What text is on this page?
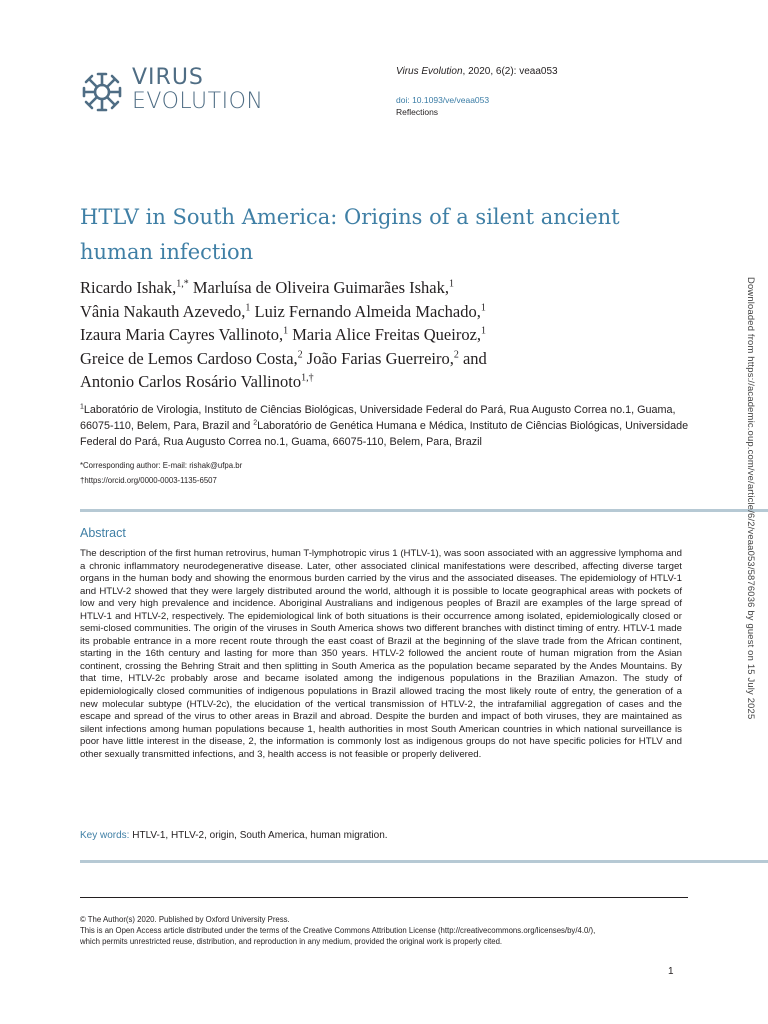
VIRUS
EVOLUTION
Virus Evolution, 2020, 6(2): veaa053
doi: 10.1093/ve/veaa053
Reflections
HTLV in South America: Origins of a silent ancient human infection
Ricardo Ishak,$^{1,*}$ Marluísa de Oliveira Guimarães Ishak,$^1$
Vânia Nakauth Azevedo,$^1$ Luiz Fernando Almeida Machado,$^1$
Izaura Maria Cayres Vallinoto,$^1$ Maria Alice Freitas Queiroz,$^1$
Greice de Lemos Cardoso Costa,$^2$ João Farias Guerreiro,$^2$ and
Antonio Carlos Rosário Vallinoto$^{1,\dagger}$
$^1$Laboratório de Virologia, Instituto de Ciências Biológicas, Universidade Federal do Pará, Rua Augusto Correa no.1, Guama, 66075-110, Belem, Para, Brazil and $^2$Laboratório de Genética Humana e Médica, Instituto de Ciências Biológicas, Universidade Federal do Pará, Rua Augusto Correa no.1, Guama, 66075-110, Belem, Para, Brazil
*Corresponding author: E-mail: rishak@ufpa.br
†https://orcid.org/0000-0003-1135-6507
Abstract

The description of the first human retrovirus, human T-lymphotropic virus 1 (HTLV-1), was soon associated with an aggressive lymphoma and a chronic inflammatory neurodegenerative disease. Later, other associated clinical manifestations were described, affecting diverse target organs in the human body and showing the enormous burden carried by the virus and the associated diseases. The epidemiology of HTLV-1 and HTLV-2 showed that they were largely distributed around the world, although it is possible to locate geographical areas with pockets of low and very high prevalence and incidence. Aboriginal Australians and indigenous peoples of Brazil are examples of the large spread of HTLV-1 and HTLV-2, respectively. The epidemiological link of both situations is their occurrence among isolated, epidemiologically closed or semi-closed communities. The origin of the viruses in South America shows two different branches with distinct timing of entry. HTLV-1 made its probable entrance in a more recent route through the east coast of Brazil at the beginning of the slave trade from the African continent, starting in the 16th century and lasting for more than 350 years. HTLV-2 followed the ancient route of human migration from the Asian continent, crossing the Behring Strait and then splitting in South America as the population became separated by the Andes Mountains. By that time, HTLV-2c probably arose and became isolated among the indigenous populations in the Brazilian Amazon. The study of epidemiologically closed communities of indigenous populations in Brazil allowed tracing the most likely route of entry, the generation of a new molecular subtype (HTLV-2c), the elucidation of the vertical transmission of HTLV-2, the intrafamilial aggregation of cases and the escape and spread of the virus to other areas in Brazil and abroad. Despite the burden and impact of both viruses, they are maintained as silent infections among human populations because 1, health authorities in most South American countries in which national surveillance is poor have little interest in the disease, 2, the information is commonly lost as indigenous groups do not have specific policies for HTLV and other sexually transmitted infections, and 3, health access is not feasible or properly delivered.

Key words: HTLV-1, HTLV-2, origin, South America, human migration.
© The Author(s) 2020. Published by Oxford University Press.
This is an Open Access article distributed under the terms of the Creative Commons Attribution License (http://creativecommons.org/licenses/by/4.0/),
which permits unrestricted reuse, distribution, and reproduction in any medium, provided the original work is properly cited.
1
Downloaded from https://academic.oup.com/ve/article/6/2/veaa053/5876036 by guest on 15 July 2025
